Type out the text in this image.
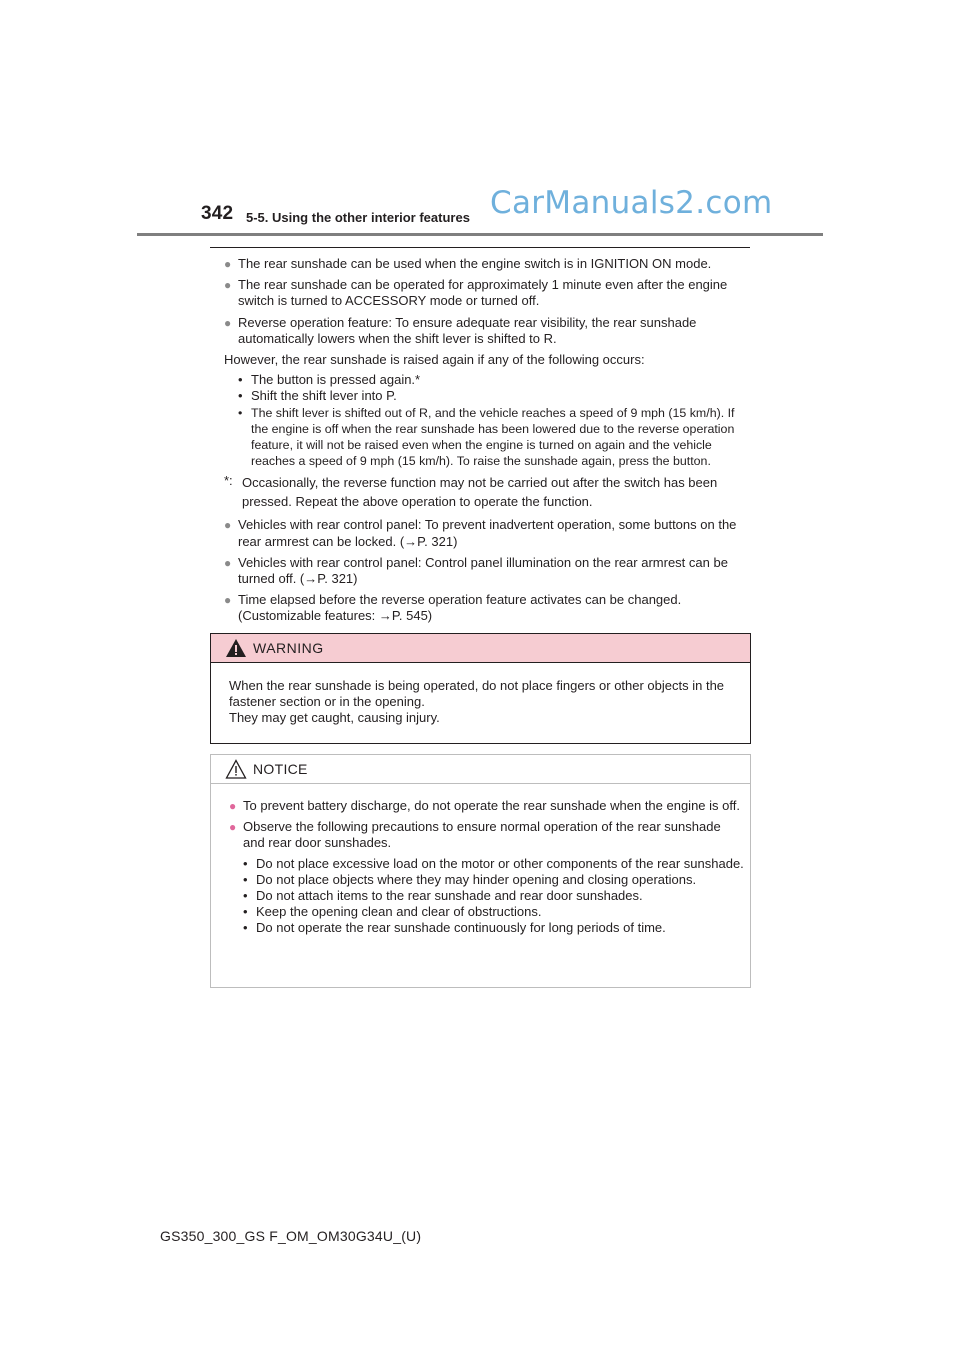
342 5-5. Using the other interior features CarManuals2.com

● The rear sunshade can be used when the engine switch is in IGNITION ON mode.

● The rear sunshade can be operated for approximately 1 minute even after the engine switch is turned to ACCESSORY mode or turned off.

● Reverse operation feature: To ensure adequate rear visibility, the rear sunshade automatically lowers when the shift lever is shifted to R.

However, the rear sunshade is raised again if any of the following occurs:

• The button is pressed again.*

• Shift the shift lever into P.

• The shift lever is shifted out of R, and the vehicle reaches a speed of 9 mph (15 km/h). If the engine is off when the rear sunshade has been lowered due to the reverse operation feature, it will not be raised even when the engine is turned on again and the vehicle reaches a speed of 9 mph (15 km/h). To raise the sunshade again, press the button.

*: Occasionally, the reverse function may not be carried out after the switch has been pressed. Repeat the above operation to operate the function.

● Vehicles with rear control panel: To prevent inadvertent operation, some buttons on the rear armrest can be locked. (→P. 321)

● Vehicles with rear control panel: Control panel illumination on the rear armrest can be turned off. (→P. 321)

● Time elapsed before the reverse operation feature activates can be changed. (Customizable features: →P. 545)

WARNING
When the rear sunshade is being operated, do not place fingers or other objects in the fastener section or in the opening.
They may get caught, causing injury.
NOTICE

● To prevent battery discharge, do not operate the rear sunshade when the engine is off.

● Observe the following precautions to ensure normal operation of the rear sunshade and rear door sunshades.

• Do not place excessive load on the motor or other components of the rear sunshade.

• Do not place objects where they may hinder opening and closing operations.

• Do not attach items to the rear sunshade and rear door sunshades.

• Keep the opening clean and clear of obstructions.

• Do not operate the rear sunshade continuously for long periods of time.

GS350_300_GS F_OM_OM30G34U_(U)
